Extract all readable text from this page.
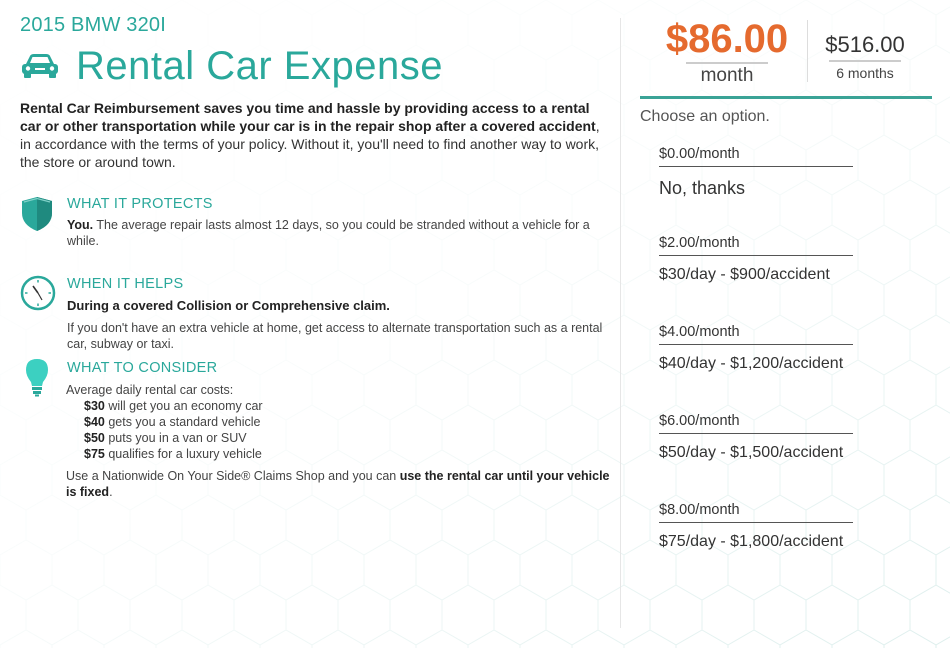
2015 BMW 320I
Rental Car Expense

Rental Car Reimbursement saves you time and hassle by providing access to a rental car or other transportation while your car is in the repair shop after a covered accident, in accordance with the terms of your policy. Without it, you'll need to find another way to work, the store or around town.

WHAT IT PROTECTS
You. The average repair lasts almost 12 days, so you could be stranded without a vehicle for a while.
WHEN IT HELPS
During a covered Collision or Comprehensive claim.
If you don't have an extra vehicle at home, get access to alternate transportation such as a rental car, subway or taxi.
WHAT TO CONSIDER
Average daily rental car costs:
$30 will get you an economy car
$40 gets you a standard vehicle
$50 puts you in a van or SUV
$75 qualifies for a luxury vehicle
Use a Nationwide On Your Side® Claims Shop and you can use the rental car until your vehicle is fixed.
$86.00
month
$516.00
6 months
Choose an option.
$0.00/month
No, thanks
$2.00/month
$30/day - $900/accident
$4.00/month
$40/day - $1,200/accident
$6.00/month
$50/day - $1,500/accident
$8.00/month
$75/day - $1,800/accident
